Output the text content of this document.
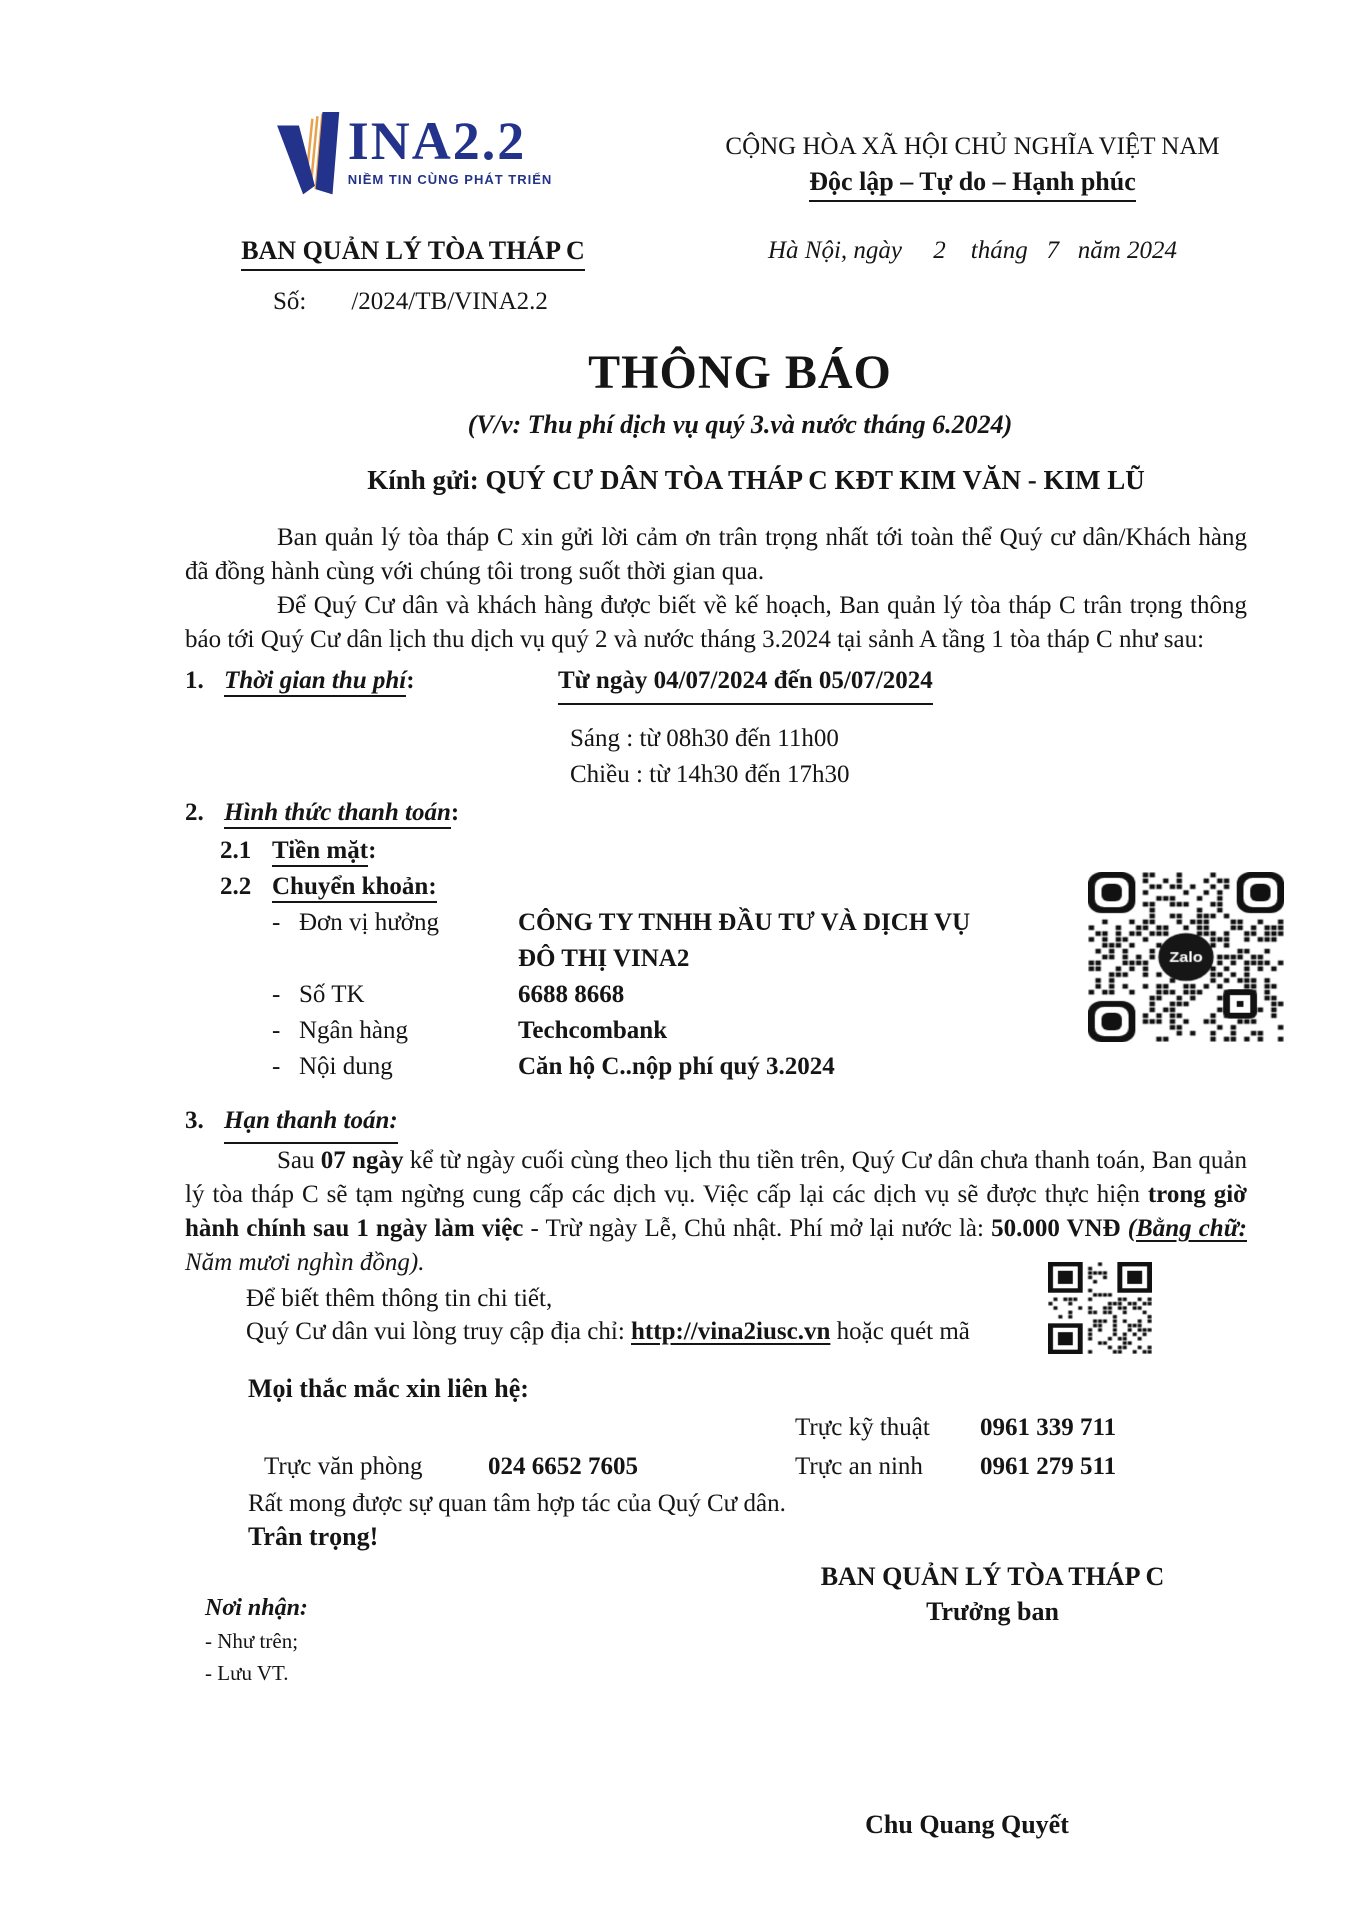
INA2.2
NIỀM TIN CÙNG PHÁT TRIỂN
BAN QUẢN LÝ TÒA THÁP C
Số: /2024/TB/VINA2.2
CỘNG HÒA XÃ HỘI CHỦ NGHĨA VIỆT NAM
Độc lập – Tự do – Hạnh phúc
Hà Nội, ngày     2    tháng   7   năm 2024
THÔNG BÁO
(V/v: Thu phí dịch vụ quý 3.và nước tháng 6.2024)
Kính gửi: QUÝ CƯ DÂN TÒA THÁP C KĐT KIM VĂN - KIM LŨ

Ban quản lý tòa tháp C xin gửi lời cảm ơn trân trọng nhất tới toàn thể Quý cư dân/Khách hàng đã đồng hành cùng với chúng tôi trong suốt thời gian qua.

Để Quý Cư dân và khách hàng được biết về kế hoạch, Ban quản lý tòa tháp C trân trọng thông báo tới Quý Cư dân lịch thu dịch vụ quý 2 và nước tháng 3.2024 tại sảnh A tầng 1 tòa tháp C như sau:

1. Thời gian thu phí:	Từ ngày 04/07/2024 đến 05/07/2024
Sáng : từ 08h30 đến 11h00
Chiều : từ 14h30 đến 17h30
2. Hình thức thanh toán:
2.1 Tiền mặt:
2.2 Chuyển khoản:
- Đơn vị hưởng	CÔNG TY TNHH ĐẦU TƯ VÀ DỊCH VỤ ĐÔ THỊ VINA2
- Số TK	6688 8668
- Ngân hàng	Techcombank
- Nội dung	Căn hộ C..nộp phí quý 3.2024
3. Hạn thanh toán:

Sau 07 ngày kể từ ngày cuối cùng theo lịch thu tiền trên, Quý Cư dân chưa thanh toán, Ban quản lý tòa tháp C sẽ tạm ngừng cung cấp các dịch vụ. Việc cấp lại các dịch vụ sẽ được thực hiện trong giờ hành chính sau 1 ngày làm việc - Trừ ngày Lễ, Chủ nhật. Phí mở lại nước là: 50.000 VNĐ (Bằng chữ: Năm mươi nghìn đồng).

Để biết thêm thông tin chi tiết,
Quý Cư dân vui lòng truy cập địa chỉ: http://vina2iusc.vn hoặc quét mã
Mọi thắc mắc xin liên hệ:
Trực kỹ thuật 0961 339 711
Trực văn phòng	024 6652 7605	Trực an ninh 0961 279 511
Rất mong được sự quan tâm hợp tác của Quý Cư dân.
Trân trọng!
BAN QUẢN LÝ TÒA THÁP C
Trưởng ban
Nơi nhận:
- Như trên;
- Lưu VT.
Chu Quang Quyết
